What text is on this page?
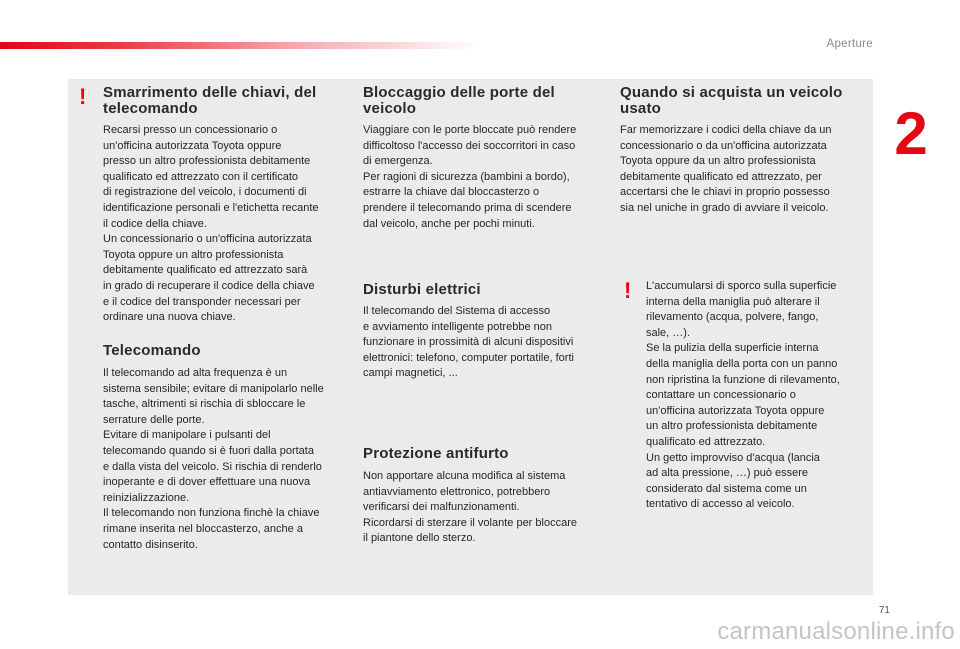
Aperture
2
! Smarrimento delle chiavi, del
telecomando
Recarsi presso un concessionario o
un'officina autorizzata Toyota oppure
presso un altro professionista debitamente
qualificato ed attrezzato con il certificato
di registrazione del veicolo, i documenti di
identificazione personali e l'etichetta recante
il codice della chiave.
Un concessionario o un'officina autorizzata
Toyota oppure un altro professionista
debitamente qualificato ed attrezzato sarà
in grado di recuperare il codice della chiave
e il codice del transponder necessari per
ordinare una nuova chiave.
Telecomando
Il telecomando ad alta frequenza è un
sistema sensibile; evitare di manipolarlo nelle
tasche, altrimenti si rischia di sbloccare le
serrature delle porte.
Evitare di manipolare i pulsanti del
telecomando quando si è fuori dalla portata
e dalla vista del veicolo. Si rischia di renderlo
inoperante e di dover effettuare una nuova
reinizializzazione.
Il telecomando non funziona finchè la chiave
rimane inserita nel bloccasterzo, anche a
contatto disinserito.
Bloccaggio delle porte del
veicolo
Viaggiare con le porte bloccate può rendere
difficoltoso l'accesso dei soccorritori in caso
di emergenza.
Per ragioni di sicurezza (bambini a bordo),
estrarre la chiave dal bloccasterzo o
prendere il telecomando prima di scendere
dal veicolo, anche per pochi minuti.
Disturbi elettrici
Il telecomando del Sistema di accesso
e avviamento intelligente potrebbe non
funzionare in prossimità di alcuni dispositivi
elettronici: telefono, computer portatile, forti
campi magnetici, ...
Protezione antifurto
Non apportare alcuna modifica al sistema
antiavviamento elettronico, potrebbero
verificarsi dei malfunzionamenti.
Ricordarsi di sterzare il volante per bloccare
il piantone dello sterzo.
Quando si acquista un veicolo
usato
Far memorizzare i codici della chiave da un
concessionario o da un'officina autorizzata
Toyota oppure da un altro professionista
debitamente qualificato ed attrezzato, per
accertarsi che le chiavi in proprio possesso
sia nel uniche in grado di avviare il veicolo.
! L'accumularsi di sporco sulla superficie
interna della maniglia può alterare il
rilevamento (acqua, polvere, fango,
sale, …).
Se la pulizia della superficie interna
della maniglia della porta con un panno
non ripristina la funzione di rilevamento,
contattare un concessionario o
un'officina autorizzata Toyota oppure
un altro professionista debitamente
qualificato ed attrezzato.
Un getto improvviso d'acqua (lancia
ad alta pressione, …) può essere
considerato dal sistema come un
tentativo di accesso al veicolo.
71
carmanualsonline.info
